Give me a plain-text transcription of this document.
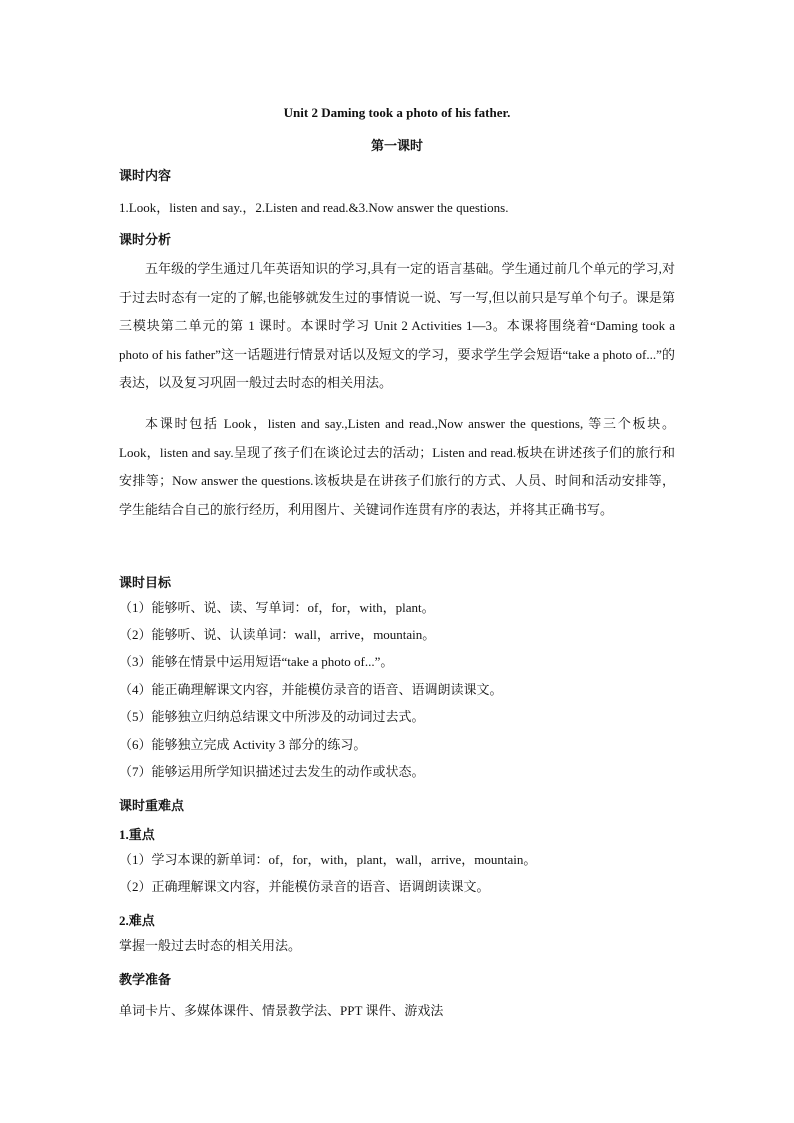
Unit 2 Daming took a photo of his father.
第一课时
课时内容
1.Look，listen and say.，2.Listen and read.&3.Now answer the questions.
课时分析
五年级的学生通过几年英语知识的学习,具有一定的语言基础。学生通过前几个单元的学习,对于过去时态有一定的了解,也能够就发生过的事情说一说、写一写,但以前只是写单个句子。课是第三模块第二单元的第 1 课时。本课时学习 Unit 2 Activities 1—3。本课将围绕着“Daming took a photo of his father”这一话题进行情景对话以及短文的学习，要求学生学会短语“take a photo of...”的表达，以及复习巩固一般过去时态的相关用法。
本课时包括 Look，listen and say.,Listen and read.,Now answer the questions, 等三个板块。Look，listen and say.呈现了孩子们在谈论过去的活动；Listen and read.板块在讲述孩子们的旅行和安排等；Now answer the questions.该板块是在讲孩子们旅行的方式、人员、时间和活动安排等，学生能结合自己的旅行经历，利用图片、关键词作连贯有序的表达，并将其正确书写。
课时目标
（1）能够听、说、读、写单词：of，for，with，plant。
（2）能够听、说、认读单词：wall，arrive，mountain。
（3）能够在情景中运用短语“take a photo of...”。
（4）能正确理解课文内容，并能模仿录音的语音、语调朗读课文。
（5）能够独立归纳总结课文中所涉及的动词过去式。
（6）能够独立完成 Activity 3 部分的练习。
（7）能够运用所学知识描述过去发生的动作或状态。
课时重难点
1.重点
（1）学习本课的新单词：of，for，with，plant，wall，arrive，mountain。
（2）正确理解课文内容，并能模仿录音的语音、语调朗读课文。
2.难点
掌握一般过去时态的相关用法。
教学准备
单词卡片、多媒体课件、情景教学法、PPT 课件、游戏法
